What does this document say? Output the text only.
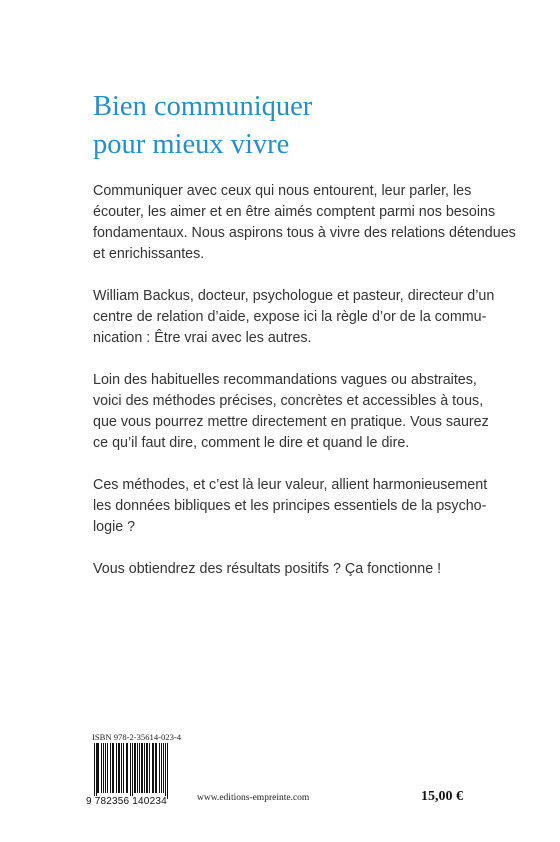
Bien communiquer
pour mieux vivre

Communiquer avec ceux qui nous entourent, leur parler, les
écouter, les aimer et en être aimés comptent parmi nos besoins
fondamentaux. Nous aspirons tous à vivre des relations détendues
et enrichissantes.

William Backus, docteur, psychologue et pasteur, directeur d’un
centre de relation d’aide, expose ici la règle d’or de la commu-
nication : Être vrai avec les autres.

Loin des habituelles recommandations vagues ou abstraites,
voici des méthodes précises, concrètes et accessibles à tous,
que vous pourrez mettre directement en pratique. Vous saurez
ce qu’il faut dire, comment le dire et quand le dire.

Ces méthodes, et c’est là leur valeur, allient harmonieusement
les données bibliques et les principes essentiels de la psycho-
logie ?

Vous obtiendrez des résultats positifs ? Ça fonctionne !

ISBN 978-2-35614-023-4
9 782356 140234	www.editions-empreinte.com	15,00 €
